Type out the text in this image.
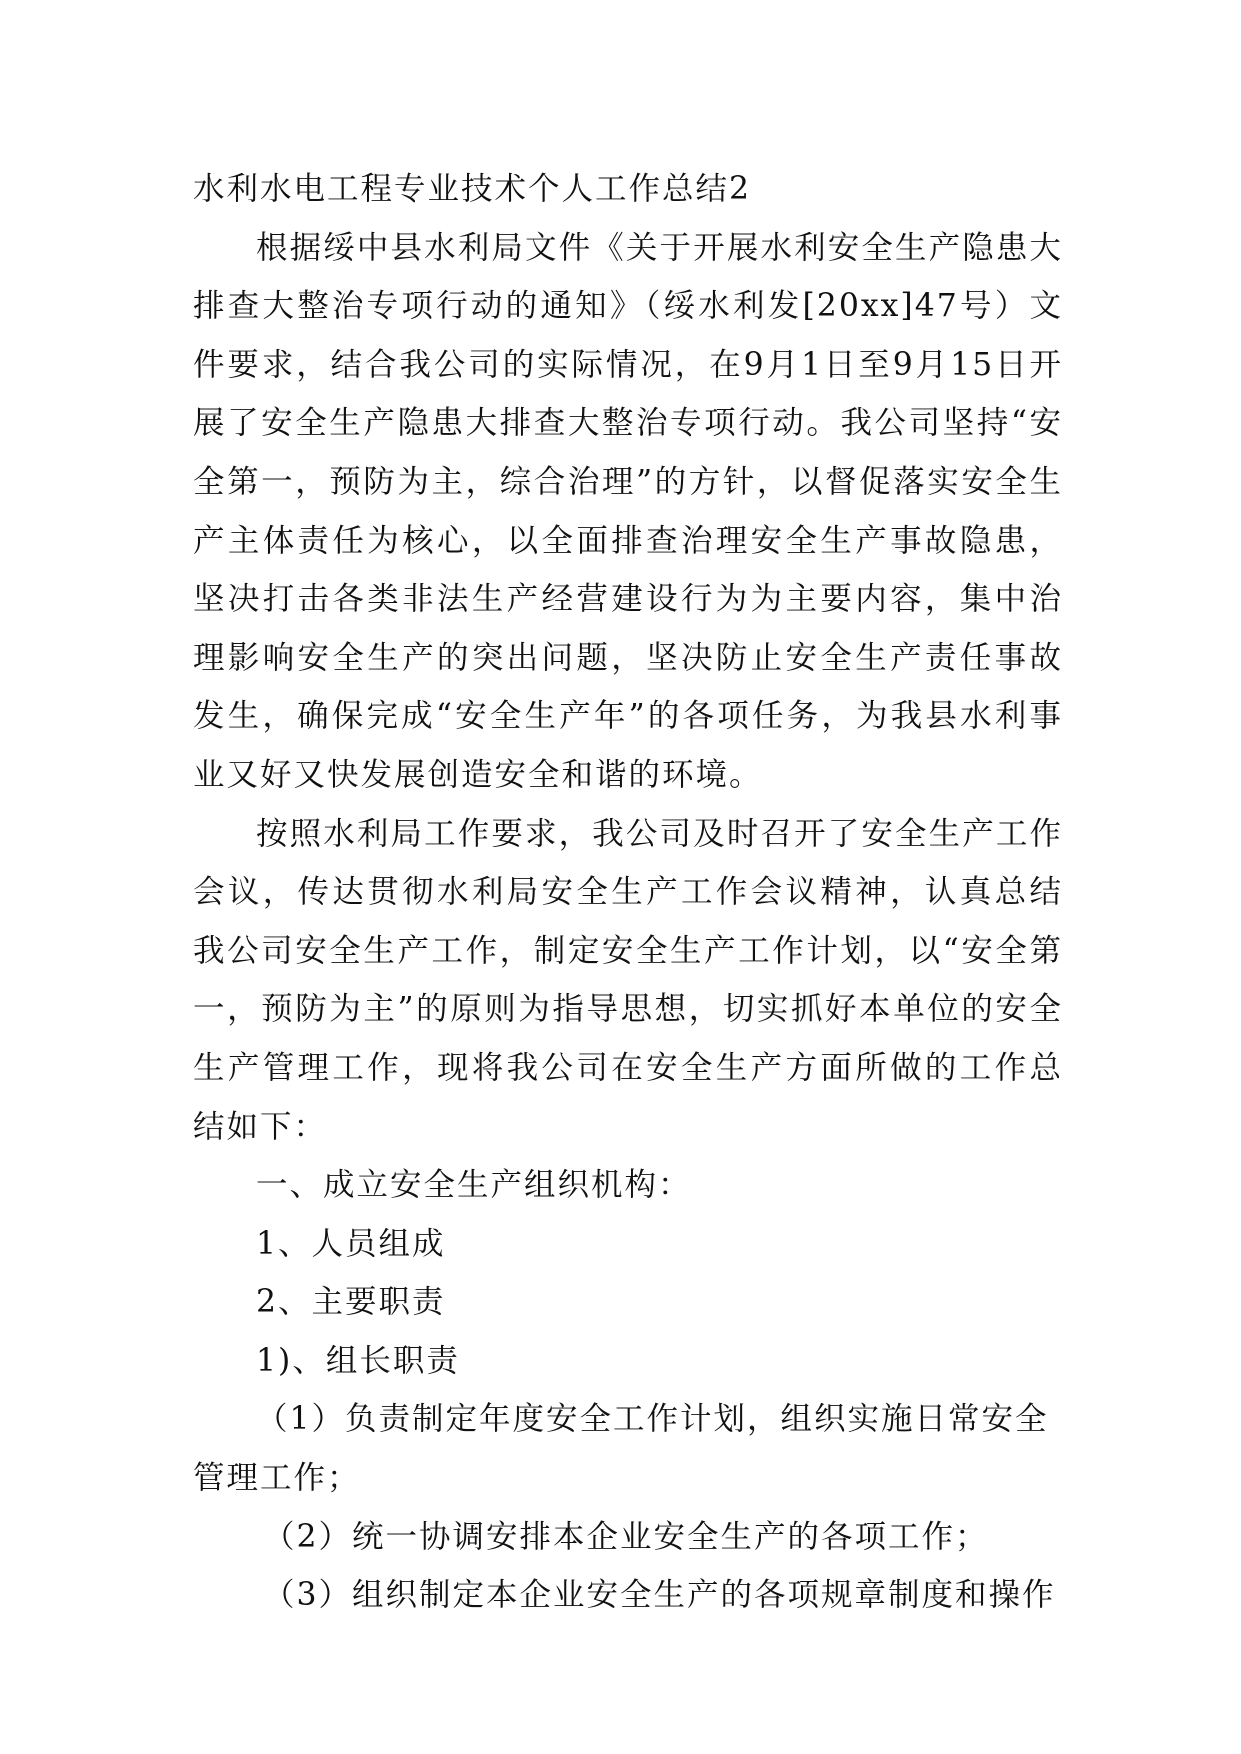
水利水电工程专业技术个人工作总结2

根据绥中县水利局文件《关于开展水利安全生产隐患大排查大整治专项行动的通知》（绥水利发[20xx]47号）文件要求，结合我公司的实际情况，在9月1日至9月15日开展了安全生产隐患大排查大整治专项行动。我公司坚持“安全第一，预防为主，综合治理”的方针，以督促落实安全生产主体责任为核心，以全面排查治理安全生产事故隐患，坚决打击各类非法生产经营建设行为为主要内容，集中治理影响安全生产的突出问题，坚决防止安全生产责任事故发生，确保完成“安全生产年”的各项任务，为我县水利事业又好又快发展创造安全和谐的环境。

按照水利局工作要求，我公司及时召开了安全生产工作会议，传达贯彻水利局安全生产工作会议精神，认真总结我公司安全生产工作，制定安全生产工作计划，以“安全第一，预防为主”的原则为指导思想，切实抓好本单位的安全生产管理工作，现将我公司在安全生产方面所做的工作总结如下：

一、成立安全生产组织机构：

1、人员组成

2、主要职责

1)、组长职责

（1）负责制定年度安全工作计划，组织实施日常安全管理工作；

（2）统一协调安排本企业安全生产的各项工作；

（3）组织制定本企业安全生产的各项规章制度和操作
